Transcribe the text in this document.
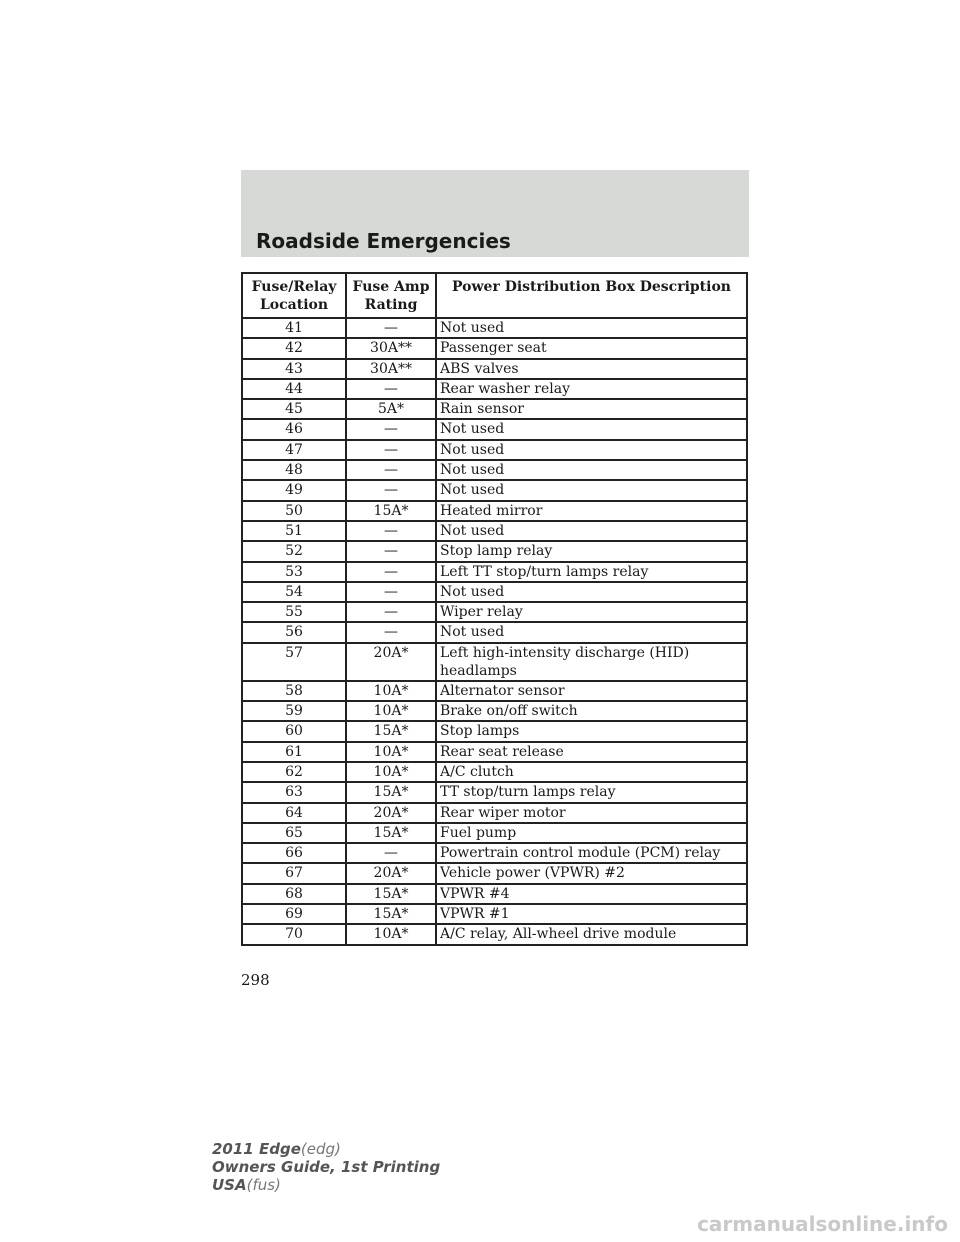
Roadside Emergencies
Fuse/Relay Location	Fuse Amp Rating	Power Distribution Box Description
41	—	Not used
42	30A**	Passenger seat
43	30A**	ABS valves
44	—	Rear washer relay
45	5A*	Rain sensor
46	—	Not used
47	—	Not used
48	—	Not used
49	—	Not used
50	15A*	Heated mirror
51	—	Not used
52	—	Stop lamp relay
53	—	Left TT stop/turn lamps relay
54	—	Not used
55	—	Wiper relay
56	—	Not used
57	20A*	Left high-intensity discharge (HID) headlamps
58	10A*	Alternator sensor
59	10A*	Brake on/off switch
60	15A*	Stop lamps
61	10A*	Rear seat release
62	10A*	A/C clutch
63	15A*	TT stop/turn lamps relay
64	20A*	Rear wiper motor
65	15A*	Fuel pump
66	—	Powertrain control module (PCM) relay
67	20A*	Vehicle power (VPWR) #2
68	15A*	VPWR #4
69	15A*	VPWR #1
70	10A*	A/C relay, All-wheel drive module
298
2011 Edge(edg)
Owners Guide, 1st Printing
USA(fus)
carmanualsonline.info
